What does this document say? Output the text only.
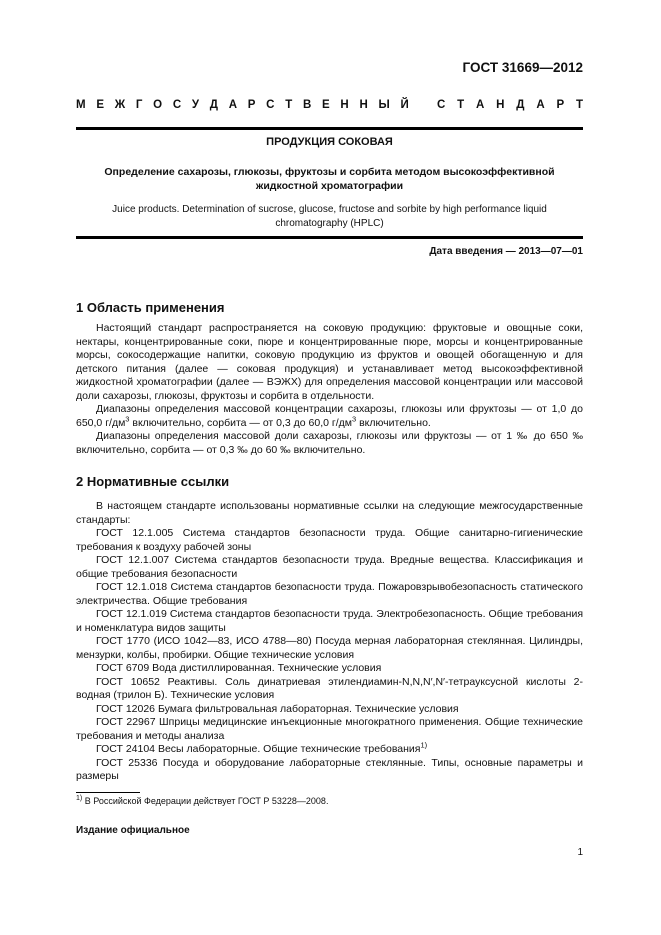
ГОСТ 31669—2012
М Е Ж Г О С У Д А Р С Т В Е Н Н Ы Й С Т А Н Д А Р Т
ПРОДУКЦИЯ СОКОВАЯ
Определение сахарозы, глюкозы, фруктозы и сорбита методом высокоэффективной жидкостной хроматографии
Juice products. Determination of sucrose, glucose, fructose and sorbite by high performance liquid chromatography (HPLC)
Дата введения — 2013—07—01
1 Область применения

Настоящий стандарт распространяется на соковую продукцию: фруктовые и овощные соки, нектары, концентрированные соки, пюре и концентрированные пюре, морсы и концентрированные морсы, сокосодержащие напитки, соковую продукцию из фруктов и овощей обогащенную и для детского питания (далее — соковая продукция) и устанавливает метод высокоэффективной жидкостной хроматографии (далее — ВЭЖХ) для определения массовой концентрации или массовой доли сахарозы, глюкозы, фруктозы и сорбита в отдельности.

Диапазоны определения массовой концентрации сахарозы, глюкозы или фруктозы — от 1,0 до 650,0 $г/дм^3$ включительно, сорбита — от 0,3 до 60,0 $г/дм^3$ включительно.

Диапазоны определения массовой доли сахарозы, глюкозы или фруктозы — от 1 ‰ до 650 ‰ включительно, сорбита — от 0,3 ‰ до 60 ‰ включительно.

2 Нормативные ссылки

В настоящем стандарте использованы нормативные ссылки на следующие межгосударственные стандарты:

ГОСТ 12.1.005 Система стандартов безопасности труда. Общие санитарно-гигиенические требования к воздуху рабочей зоны

ГОСТ 12.1.007 Система стандартов безопасности труда. Вредные вещества. Классификация и общие требования безопасности

ГОСТ 12.1.018 Система стандартов безопасности труда. Пожаровзрывобезопасность статического электричества. Общие требования

ГОСТ 12.1.019 Система стандартов безопасности труда. Электробезопасность. Общие требования и номенклатура видов защиты

ГОСТ 1770 (ИСО 1042—83, ИСО 4788—80) Посуда мерная лабораторная стеклянная. Цилиндры, мензурки, колбы, пробирки. Общие технические условия

ГОСТ 6709 Вода дистиллированная. Технические условия

ГОСТ 10652 Реактивы. Соль динатриевая этилендиамин-N,N,N′,N′-тетрауксусной кислоты 2-водная (трилон Б). Технические условия

ГОСТ 12026 Бумага фильтровальная лабораторная. Технические условия

ГОСТ 22967 Шприцы медицинские инъекционные многократного применения. Общие технические требования и методы анализа

ГОСТ 24104 Весы лабораторные. Общие технические требования$^{1)}$

ГОСТ 25336 Посуда и оборудование лабораторные стеклянные. Типы, основные параметры и размеры

$^{1)}$ В Российской Федерации действует ГОСТ Р 53228—2008.
Издание официальное
1
